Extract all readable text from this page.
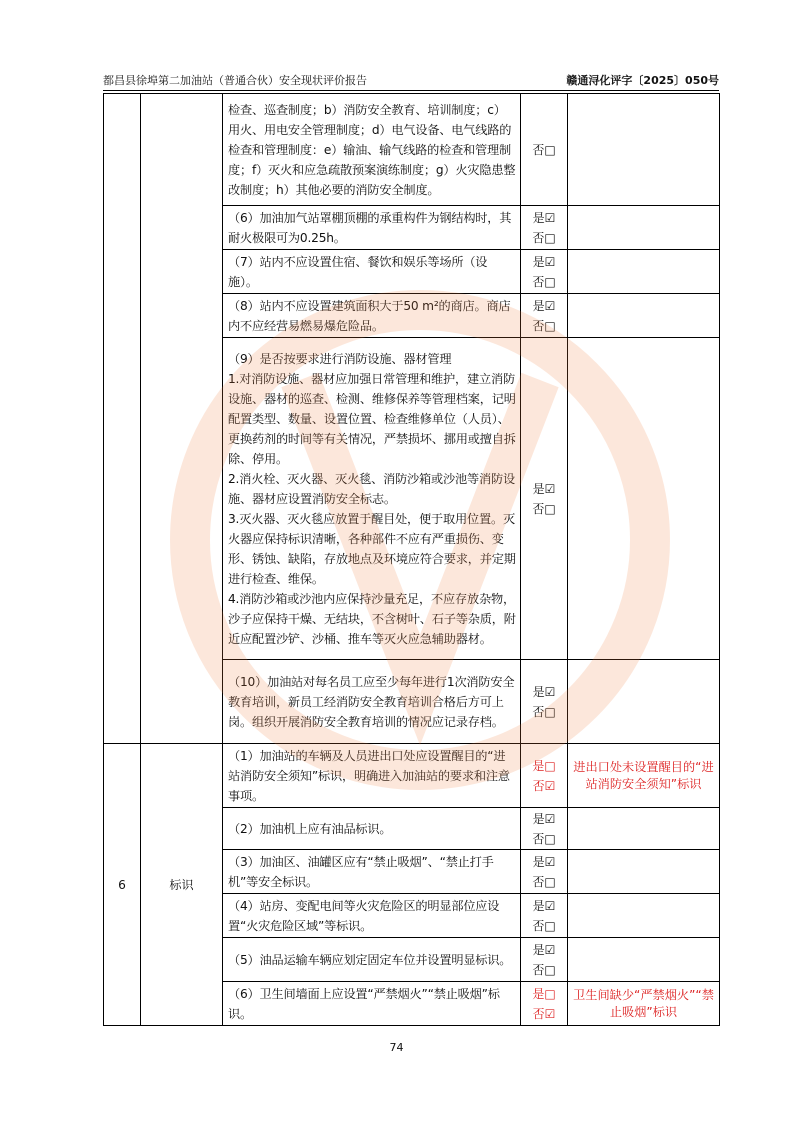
都昌县徐埠第二加油站（普通合伙）安全现状评价报告	赣通浔化评字〔2025〕050号
		检查、巡查制度；b）消防安全教育、培训制度；c）用火、用电安全管理制度；d）电气设备、电气线路的检查和管理制度：e）输油、输气线路的检查和管理制度；f）灭火和应急疏散预案演练制度；g）火灾隐患整改制度；h）其他必要的消防安全制度。	否□	

		（6）加油加气站罩棚顶棚的承重构件为钢结构时，其耐火极限可为0.25h。	是☑
否□	

		（7）站内不应设置住宿、餐饮和娱乐等场所（设施）。	是☑
否□	

		（8）站内不应设置建筑面积大于50 m²的商店。商店内不应经营易燃易爆危险品。	是☑
否□	

		（9）是否按要求进行消防设施、器材管理
1.对消防设施、器材应加强日常管理和维护，建立消防设施、器材的巡查、检测、维修保养等管理档案，记明配置类型、数量、设置位置、检查维修单位（人员）、更换药剂的时间等有关情况，严禁损坏、挪用或擅自拆除、停用。
2.消火栓、灭火器、灭火毯、消防沙箱或沙池等消防设施、器材应设置消防安全标志。
3.灭火器、灭火毯应放置于醒目处，便于取用位置。灭火器应保持标识清晰，各种部件不应有严重损伤、变形、锈蚀、缺陷，存放地点及环境应符合要求，并定期进行检查、维保。
4.消防沙箱或沙池内应保持沙量充足，不应存放杂物，沙子应保持干燥、无结块，不含树叶、石子等杂质，附近应配置沙铲、沙桶、推车等灭火应急辅助器材。	是☑
否□	

		（10）加油站对每名员工应至少每年进行1次消防安全教育培训，新员工经消防安全教育培训合格后方可上岗。组织开展消防安全教育培训的情况应记录存档。	是☑
否□	

6	标识	（1）加油站的车辆及人员进出口处应设置醒目的“进站消防安全须知”标识，明确进入加油站的要求和注意事项。	是□
否☑	进出口处未设置醒目的“进站消防安全须知”标识
		（2）加油机上应有油品标识。	是☑
否□	

		（3）加油区、油罐区应有“禁止吸烟”、“禁止打手机”等安全标识。	是☑
否□	

		（4）站房、变配电间等火灾危险区的明显部位应设置“火灾危险区域”等标识。	是☑
否□	

		（5）油品运输车辆应划定固定车位并设置明显标识。	是☑
否□	

		（6）卫生间墙面上应设置“严禁烟火”“禁止吸烟”标识。	是□
否☑	卫生间缺少“严禁烟火”“禁止吸烟”标识
74
